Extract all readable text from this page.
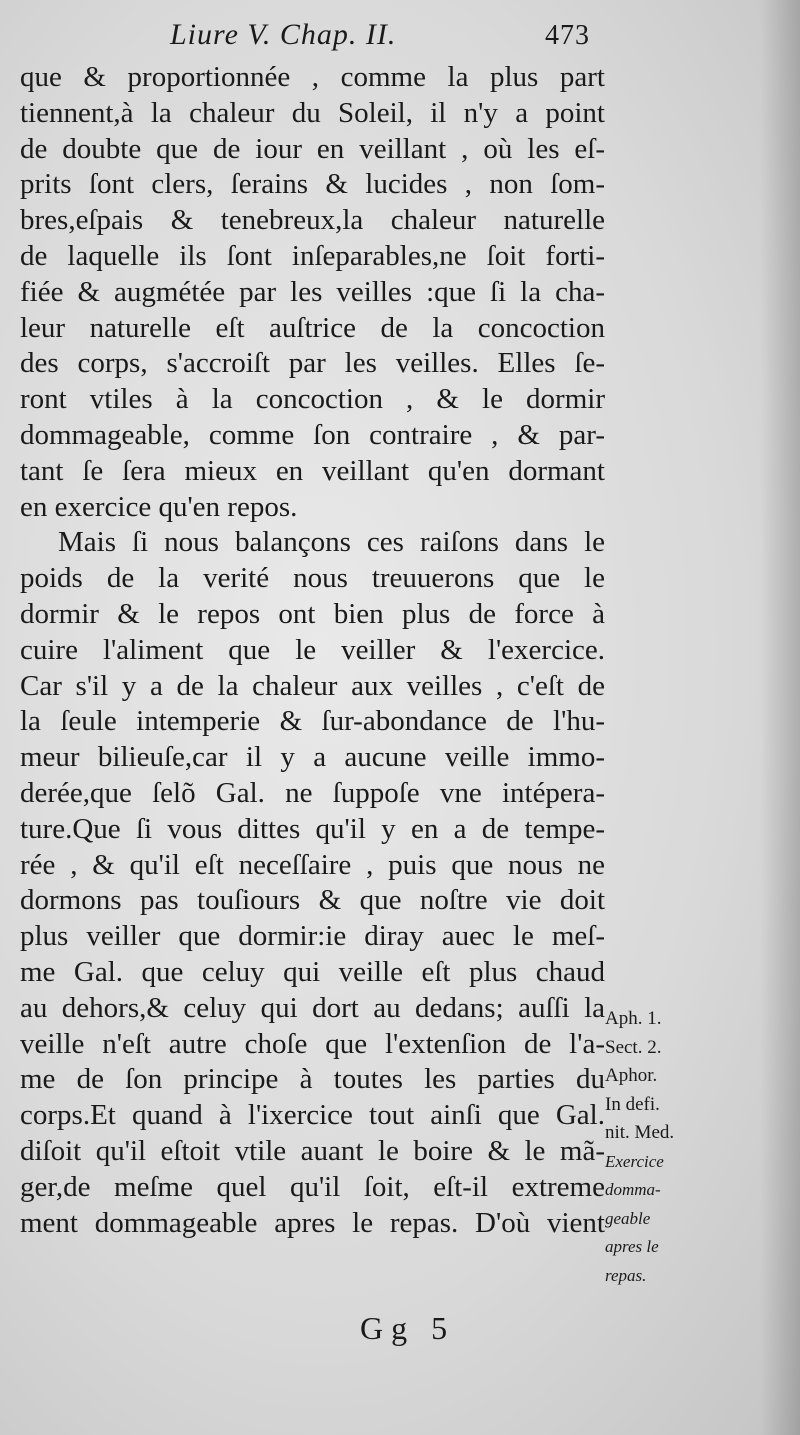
Liure V. Chap. II.	473
que & proportionnée , comme la plus part
tiennent,à la chaleur du Soleil, il n'y a point
de doubte que de iour en veillant , où les eſ-
prits ſont clers, ſerains & lucides , non ſom-
bres,eſpais & tenebreux,la chaleur naturelle
de laquelle ils ſont inſeparables,ne ſoit forti-
fiée & augmétée par les veilles :que ſi la cha-
leur naturelle eſt auſtrice de la concoction
des corps, s'accroiſt par les veilles. Elles ſe-
ront vtiles à la concoction , & le dormir
dommageable, comme ſon contraire , & par-
tant ſe ſera mieux en veillant qu'en dormant
en exercice qu'en repos.
Mais ſi nous balançons ces raiſons dans le
poids de la verité nous treuuerons que le
dormir & le repos ont bien plus de force à
cuire l'aliment que le veiller & l'exercice.
Car s'il y a de la chaleur aux veilles , c'eſt de
la ſeule intemperie & ſur-abondance de l'hu-
meur bilieuſe,car il y a aucune veille immo-
derée,que ſelõ Gal. ne ſuppoſe vne intépera-
ture.Que ſi vous dittes qu'il y en a de tempe-
rée , & qu'il eſt neceſſaire , puis que nous ne
dormons pas touſiours & que noſtre vie doit
plus veiller que dormir:ie diray auec le meſ-
me Gal. que celuy qui veille eſt plus chaud
au dehors,& celuy qui dort au dedans; auſſi la
veille n'eſt autre choſe que l'extenſion de l'a-
me de ſon principe à toutes les parties du
corps.Et quand à l'ixercice tout ainſi que Gal.
diſoit qu'il eſtoit vtile auant le boire & le mã-
ger,de meſme quel qu'il ſoit, eſt-il extreme
ment dommageable apres le repas. D'où vient
Aph. 1.
Sect. 2.
Aphor.
In defi.
nit. Med.
Exercice
domma-
geable
apres le
repas.
Gg 5
